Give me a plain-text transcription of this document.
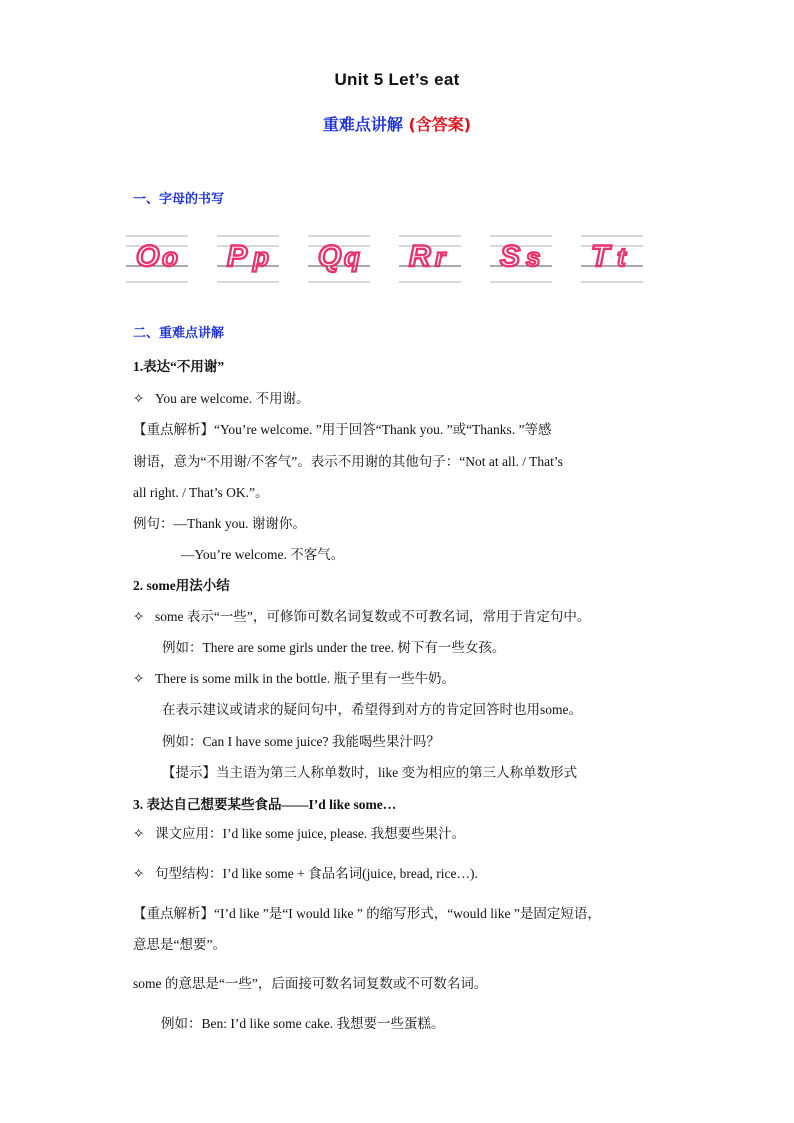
Unit 5 Let’s eat
重难点讲解 (含答案)
一、字母的书写
O o P p Q q R r S s T t
二、重难点讲解
1.表达“不用谢”
✧ You are welcome. 不用谢。
【重点解析】“You’re welcome. ”用于回答“Thank you. ”或“Thanks. ”等感
谢语，意为“不用谢/不客气”。表示不用谢的其他句子：“Not at all. / That’s
all right. / That’s OK.”。
例句：—Thank you. 谢谢你。
—You’re welcome. 不客气。
2. some用法小结
✧ some 表示“一些”，可修饰可数名词复数或不可教名词，常用于肯定句中。
例如：There are some girls under the tree. 树下有一些女孩。
✧ There is some milk in the bottle. 瓶子里有一些牛奶。
在表示建议或请求的疑问句中，希望得到对方的肯定回答时也用some。
例如：Can I have some juice? 我能喝些果汁吗？
【提示】当主语为第三人称单数时，like 变为相应的第三人称单数形式
3. 表达自己想要某些食品——I’d like some…
✧ 课文应用：I’d like some juice, please. 我想要些果汁。
✧ 句型结构：I’d like some + 食品名词(juice, bread, rice…).
【重点解析】“I’d like ”是“I would like ” 的缩写形式，“would like ”是固定短语，
意思是“想要”。
some 的意思是“一些”，后面接可数名词复数或不可数名词。
例如：Ben: I’d like some cake. 我想要一些蛋糕。
